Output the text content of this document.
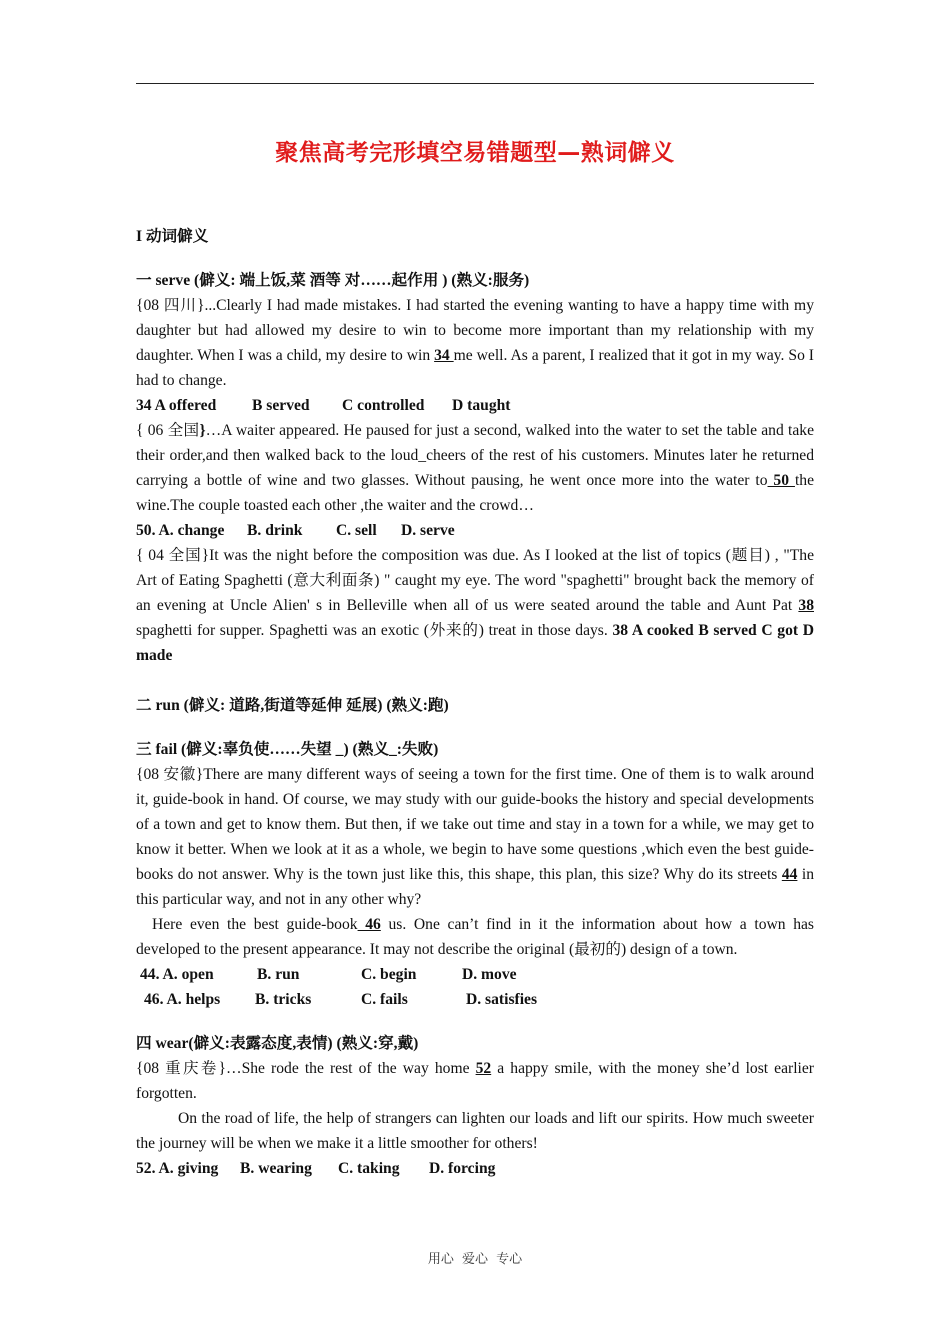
聚焦高考完形填空易错题型—熟词僻义
I 动词僻义
一 serve (僻义: 端上饭,菜 酒等 对……起作用 ) (熟义:服务)

{08 四川}...Clearly I had made mistakes. I had started the evening wanting to have a happy time with my daughter but had allowed my desire to win to become more important than my relationship with my daughter. When I was a child, my desire to win 34 me well. As a parent, I realized that it got in my way. So I had to change.

34 A offered B served C controlled D taught

{ 06 全国}…A waiter appeared. He paused for just a second, walked into the water to set the table and take their order,and then walked back to the loud_cheers of the rest of his customers. Minutes later he returned carrying a bottle of wine and two glasses. Without pausing, he went once more into the water to 50 the wine.The couple toasted each other ,the waiter and the crowd…

50. A. change B. drink C. sell D. serve

{ 04 全国}It was the night before the composition was due. As I looked at the list of topics (题目) , "The Art of Eating Spaghetti (意大利面条) " caught my eye. The word "spaghetti" brought back the memory of an evening at Uncle Alien' s in Belleville when all of us were seated around the table and Aunt Pat 38 spaghetti for supper. Spaghetti was an exotic (外来的) treat in those days. 38 A cooked B served C got D made

二 run (僻义: 道路,街道等延伸 延展) (熟义:跑)
三 fail (僻义:辜负使……失望 _) (熟义_:失败)

{08 安徽}There are many different ways of seeing a town for the first time. One of them is to walk around it, guide-book in hand. Of course, we may study with our guide-books the history and special developments of a town and get to know them. But then, if we take out time and stay in a town for a while, we may get to know it better. When we look at it as a whole, we begin to have some questions ,which even the best guide-books do not answer. Why is the town just like this, this shape, this plan, this size? Why do its streets 44 in this particular way, and not in any other why?

Here even the best guide-book 46 us. One can’t find in it the information about how a town has developed to the present appearance. It may not describe the original (最初的) design of a town.

44. A. open	B. run	C. begin	D. move
46. A. helps B. tricks	C. fails	D. satisfies
四 wear(僻义:表露态度,表情) (熟义:穿,戴)

{08 重庆卷}…She rode the rest of the way home 52 a happy smile, with the money she’d lost earlier forgotten.

On the road of life, the help of strangers can lighten our loads and lift our spirits. How much sweeter the journey will be when we make it a little smoother for others!

52. A. giving B. wearing C. taking D. forcing
用心 爱心 专心
